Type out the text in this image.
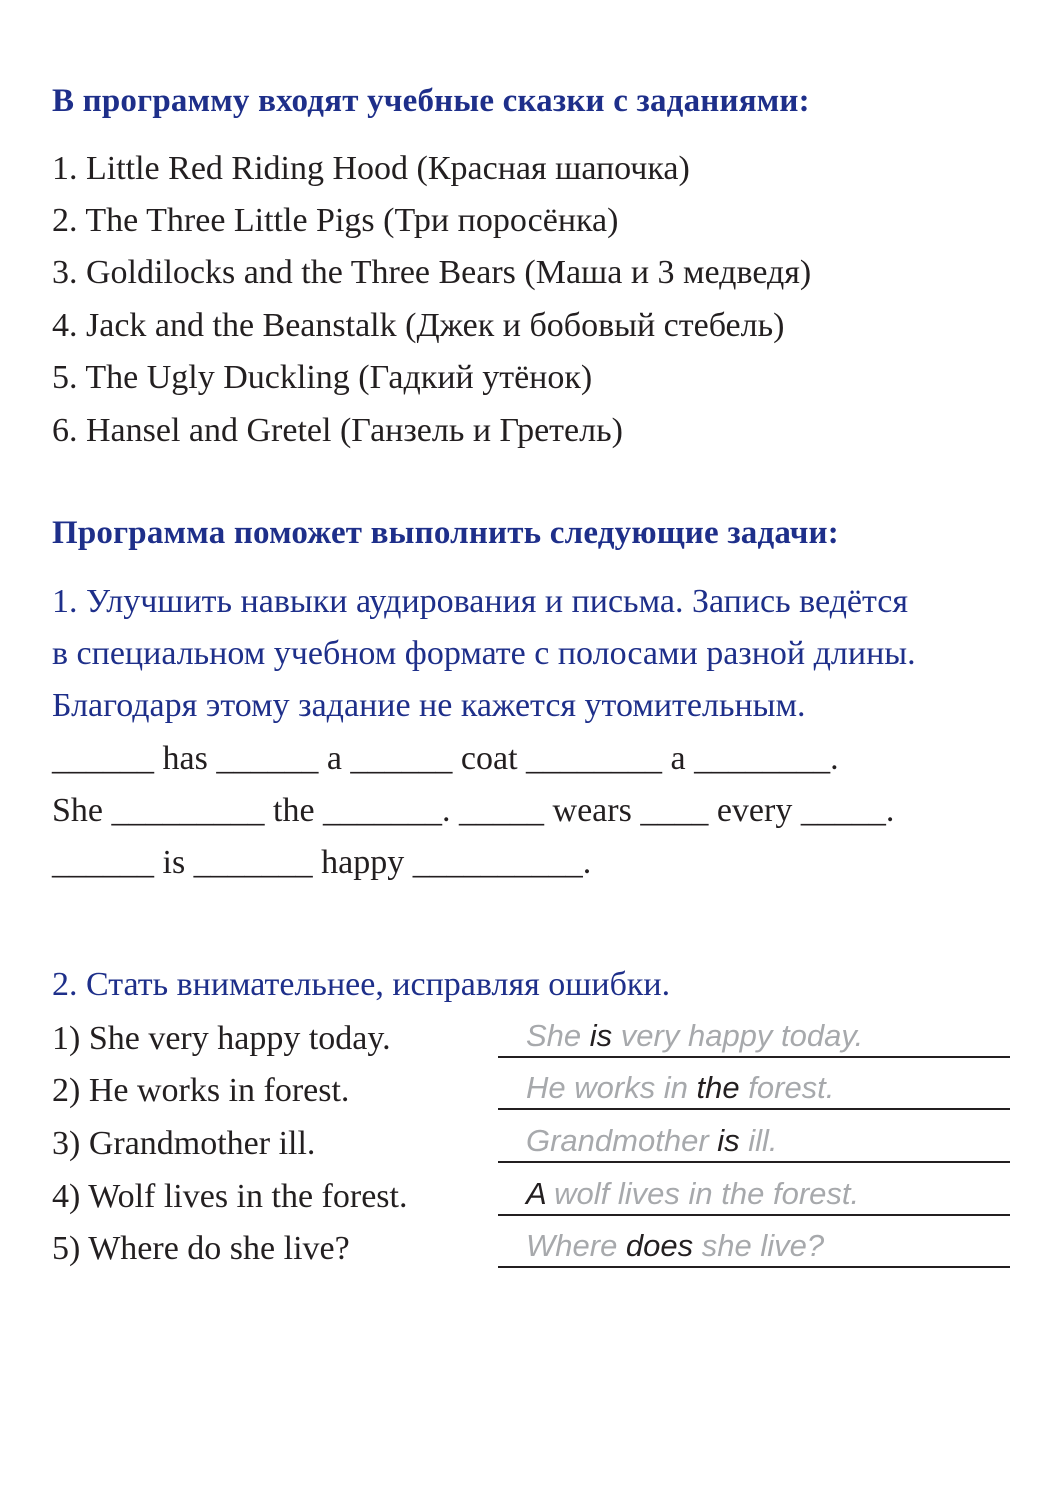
В программу входят учебные сказки с заданиями:
1. Little Red Riding Hood (Красная шапочка)
2. The Three Little Pigs (Три поросёнка)
3. Goldilocks and the Three Bears (Маша и 3 медведя)
4. Jack and the Beanstalk (Джек и бобовый стебель)
5. The Ugly Duckling (Гадкий утёнок)
6. Hansel and Gretel (Ганзель и Гретель)
Программа поможет выполнить следующие задачи:
1. Улучшить навыки аудирования и письма. Запись ведётся
в специальном учебном формате с полосами разной длины.
Благодаря этому задание не кажется утомительным.
______ has ______ a ______ coat ________ a ________.
She _________ the _______. _____ wears ____ every _____.
______ is _______ happy __________.
2. Стать внимательнее, исправляя ошибки.
1) She very happy today.	She is very happy today.
2) He works in forest.	He works in the forest.
3) Grandmother ill.	Grandmother is ill.
4) Wolf lives in the forest.	A wolf lives in the forest.
5) Where do she live?	Where does she live?
